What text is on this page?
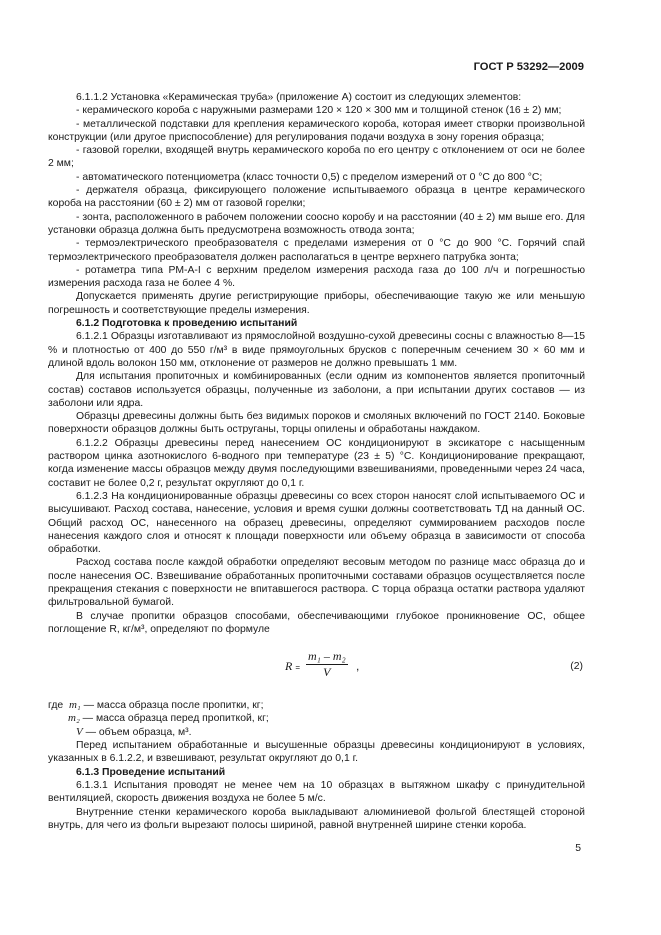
ГОСТ Р 53292—2009

6.1.1.2 Установка «Керамическая труба» (приложение А) состоит из следующих элементов:

- керамического короба с наружными размерами 120 × 120 × 300 мм и толщиной стенок (16 ± 2) мм;

- металлической подставки для крепления керамического короба, которая имеет створки произвольной конструкции (или другое приспособление) для регулирования подачи воздуха в зону горения образца;

- газовой горелки, входящей внутрь керамического короба по его центру с отклонением от оси не более 2 мм;

- автоматического потенциометра (класс точности 0,5) с пределом измерений от 0 °С до 800 °С;

- держателя образца, фиксирующего положение испытываемого образца в центре керамического короба на расстоянии (60 ± 2) мм от газовой горелки;

- зонта, расположенного в рабочем положении соосно коробу и на расстоянии (40 ± 2) мм выше его. Для установки образца должна быть предусмотрена возможность отвода зонта;

- термоэлектрического преобразователя с пределами измерения от 0 °С до 900 °С. Горячий спай термоэлектрического преобразователя должен располагаться в центре верхнего патрубка зонта;

- ротаметра типа РМ-А-I с верхним пределом измерения расхода газа до 100 л/ч и погрешностью измерения расхода газа не более 4 %.

Допускается применять другие регистрирующие приборы, обеспечивающие такую же или меньшую погрешность и соответствующие пределы измерения.

6.1.2 Подготовка к проведению испытаний

6.1.2.1 Образцы изготавливают из прямослойной воздушно-сухой древесины сосны с влажностью 8—15 % и плотностью от 400 до 550 г/м³ в виде прямоугольных брусков с поперечным сечением 30 × 60 мм и длиной вдоль волокон 150 мм, отклонение от размеров не должно превышать 1 мм.

Для испытания пропиточных и комбинированных (если одним из компонентов является пропиточный состав) составов используется образцы, полученные из заболони, а при испытании других составов — из заболони или ядра.

Образцы древесины должны быть без видимых пороков и смоляных включений по ГОСТ 2140. Боковые поверхности образцов должны быть оструганы, торцы опилены и обработаны наждаком.

6.1.2.2 Образцы древесины перед нанесением ОС кондиционируют в эксикаторе с насыщенным раствором цинка азотнокислого 6-водного при температуре (23 ± 5) °С. Кондиционирование прекращают, когда изменение массы образцов между двумя последующими взвешиваниями, проведенными через 24 часа, составит не более 0,2 г, результат округляют до 0,1 г.

6.1.2.3 На кондиционированные образцы древесины со всех сторон наносят слой испытываемого ОС и высушивают. Расход состава, нанесение, условия и время сушки должны соответствовать ТД на данный ОС. Общий расход ОС, нанесенного на образец древесины, определяют суммированием расходов после нанесения каждого слоя и относят к площади поверхности или объему образца в зависимости от способа обработки.

Расход состава после каждой обработки определяют весовым методом по разнице масс образца до и после нанесения ОС. Взвешивание обработанных пропиточными составами образцов осуществляется после прекращения стекания с поверхности не впитавшегося раствора. С торца образца остатки раствора удаляют фильтровальной бумагой.

В случае пропитки образцов способами, обеспечивающими глубокое проникновение ОС, общее поглощение R, кг/м³, определяют по формуле

$R = \frac{\text{m₁ – m₂}}{V}$ ,	(2)

где m₁ — масса образца после пропитки, кг;

m₂ — масса образца перед пропиткой, кг;

V — объем образца, м³.

Перед испытанием обработанные и высушенные образцы древесины кондиционируют в условиях, указанных в 6.1.2.2, и взвешивают, результат округляют до 0,1 г.

6.1.3 Проведение испытаний

6.1.3.1 Испытания проводят не менее чем на 10 образцах в вытяжном шкафу с принудительной вентиляцией, скорость движения воздуха не более 5 м/с.

Внутренние стенки керамического короба выкладывают алюминиевой фольгой блестящей стороной внутрь, для чего из фольги вырезают полосы шириной, равной внутренней ширине стенки короба.

5
